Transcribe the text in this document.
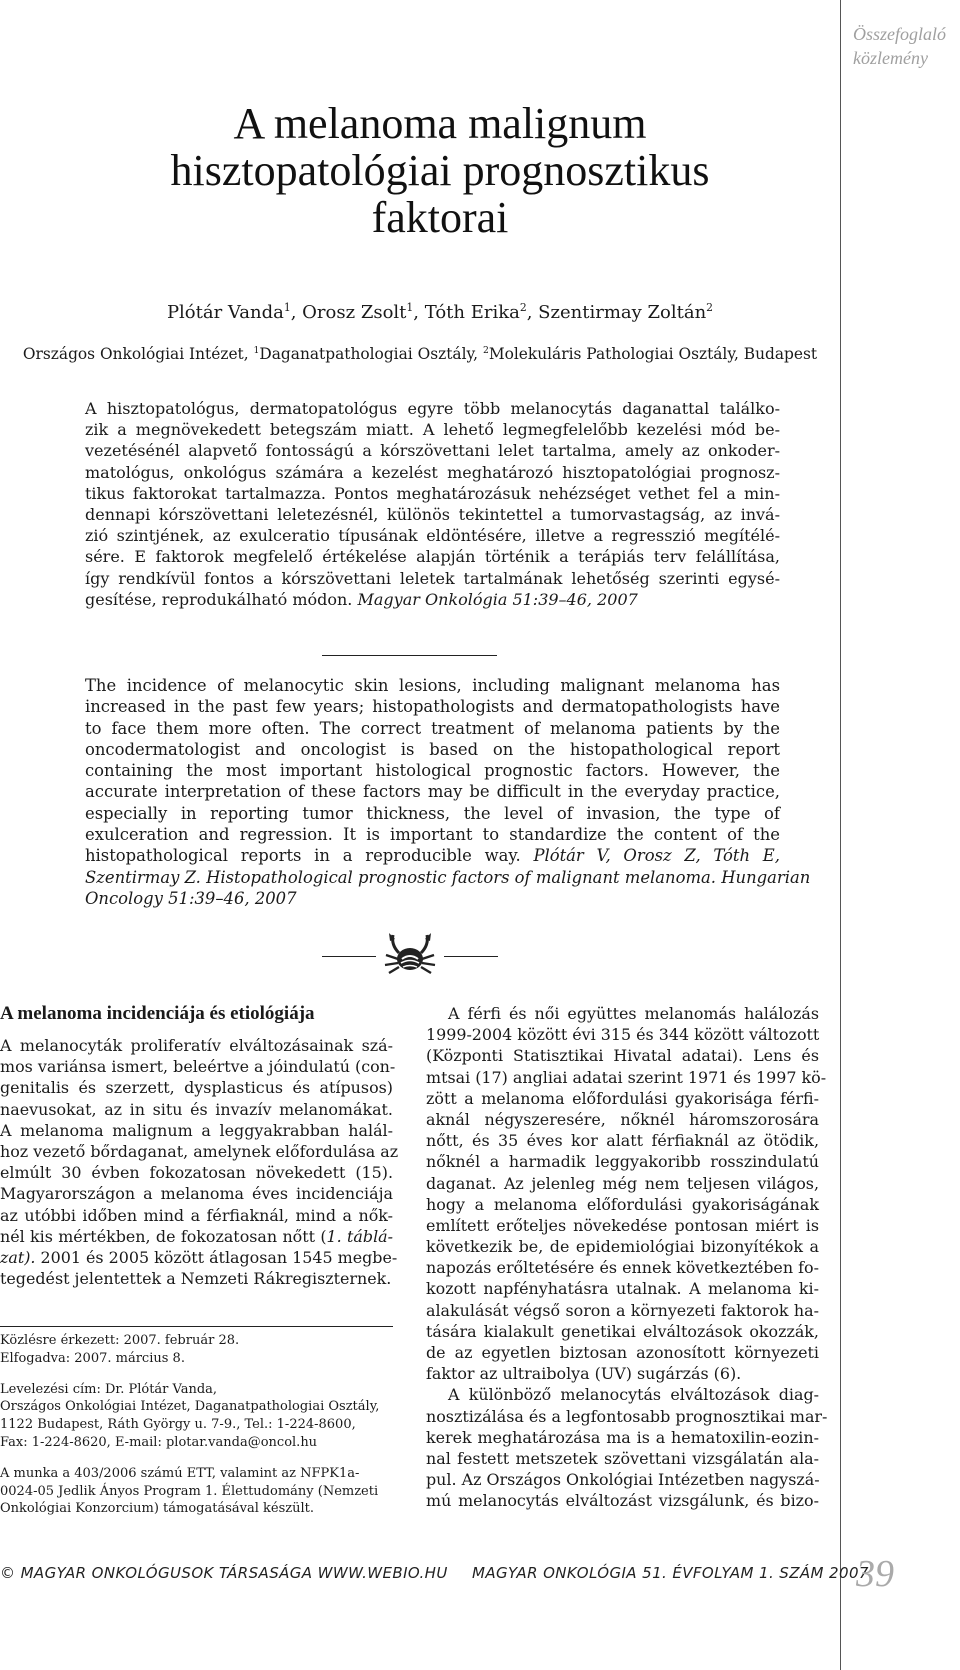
Összefoglaló
közlemény
A melanoma malignum
hisztopatológiai prognosztikus
faktorai
Plótár Vanda$^1$, Orosz Zsolt$^1$, Tóth Erika$^2$, Szentirmay Zoltán$^2$
Országos Onkológiai Intézet, $^1$Daganatpathologiai Osztály, $^2$Molekuláris Pathologiai Osztály, Budapest
A hisztopatológus, dermatopatológus egyre több melanocytás daganattal találko-
zik a megnövekedett betegszám miatt. A lehető legmegfelelőbb kezelési mód be-
vezetésénél alapvető fontosságú a kórszövettani lelet tartalma, amely az onkoder-
matológus, onkológus számára a kezelést meghatározó hisztopatológiai prognosz-
tikus faktorokat tartalmazza. Pontos meghatározásuk nehézséget vethet fel a min-
dennapi kórszövettani leletezésnél, különös tekintettel a tumorvastagság, az invá-
zió szintjének, az exulceratio típusának eldöntésére, illetve a regresszió megítélé-
sére. E faktorok megfelelő értékelése alapján történik a terápiás terv felállítása,
így rendkívül fontos a kórszövettani leletek tartalmának lehetőség szerinti egysé-
gesítése, reprodukálható módon. Magyar Onkológia 51:39–46, 2007
The incidence of melanocytic skin lesions, including malignant melanoma has
increased in the past few years; histopathologists and dermatopathologists have
to face them more often. The correct treatment of melanoma patients by the
oncodermatologist and oncologist is based on the histopathological report
containing the most important histological prognostic factors. However, the
accurate interpretation of these factors may be difficult in the everyday practice,
especially in reporting tumor thickness, the level of invasion, the type of
exulceration and regression. It is important to standardize the content of the
histopathological reports in a reproducible way. Plótár V, Orosz Z, Tóth E,
Szentirmay Z. Histopathological prognostic factors of malignant melanoma. Hungarian
Oncology 51:39–46, 2007
A melanoma incidenciája és etiológiája
A melanocyták proliferatív elváltozásainak szá-
mos variánsa ismert, beleértve a jóindulatú (con-
genitalis és szerzett, dysplasticus és atípusos)
naevusokat, az in situ és invazív melanomákat.
A melanoma malignum a leggyakrabban halál-
hoz vezető bőrdaganat, amelynek előfordulása az
elmúlt 30 évben fokozatosan növekedett (15).
Magyarországon a melanoma éves incidenciája
az utóbbi időben mind a férfiaknál, mind a nők-
nél kis mértékben, de fokozatosan nőtt (1. táblá-
zat). 2001 és 2005 között átlagosan 1545 megbe-
tegedést jelentettek a Nemzeti Rákregiszternek.
Közlésre érkezett: 2007. február 28.
Elfogadva: 2007. március 8.
Levelezési cím: Dr. Plótár Vanda,
Országos Onkológiai Intézet, Daganatpathologiai Osztály,
1122 Budapest, Ráth György u. 7-9., Tel.: 1-224-8600,
Fax: 1-224-8620, E-mail: plotar.vanda@oncol.hu
A munka a 403/2006 számú ETT, valamint az NFPK1a-
0024-05 Jedlik Ányos Program 1. Élettudomány (Nemzeti
Onkológiai Konzorcium) támogatásával készült.
A férfi és női együttes melanomás halálozás
1999-2004 között évi 315 és 344 között változott
(Központi Statisztikai Hivatal adatai). Lens és
mtsai (17) angliai adatai szerint 1971 és 1997 kö-
zött a melanoma előfordulási gyakorisága férfi-
aknál négyszeresére, nőknél háromszorosára
nőtt, és 35 éves kor alatt férfiaknál az ötödik,
nőknél a harmadik leggyakoribb rosszindulatú
daganat. Az jelenleg még nem teljesen világos,
hogy a melanoma előfordulási gyakoriságának
említett erőteljes növekedése pontosan miért is
következik be, de epidemiológiai bizonyítékok a
napozás erőltetésére és ennek következtében fo-
kozott napfényhatásra utalnak. A melanoma ki-
alakulását végső soron a környezeti faktorok ha-
tására kialakult genetikai elváltozások okozzák,
de az egyetlen biztosan azonosított környezeti
faktor az ultraibolya (UV) sugárzás (6).
A különböző melanocytás elváltozások diag-
nosztizálása és a legfontosabb prognosztikai mar-
kerek meghatározása ma is a hematoxilin-eozin-
nal festett metszetek szövettani vizsgálatán ala-
pul. Az Országos Onkológiai Intézetben nagyszá-
mú melanocytás elváltozást vizsgálunk, és bizo-
© MAGYAR ONKOLÓGUSOK TÁRSASÁGA WWW.WEBIO.HU MAGYAR ONKOLÓGIA 51. ÉVFOLYAM 1. SZÁM 2007
39
